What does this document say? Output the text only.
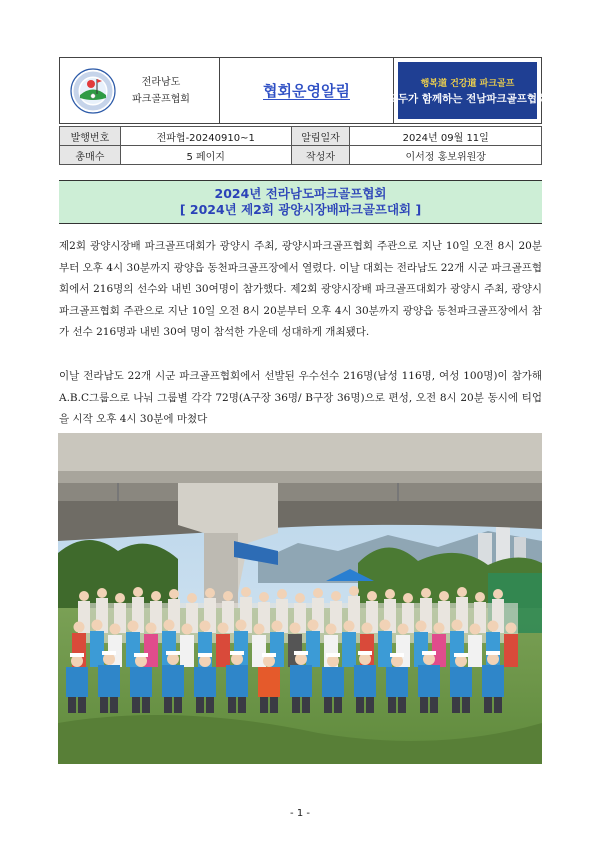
전라남도
파크골프협회	협회운영알림	행복道 건강道 파크골프
모두가 함께하는 전남파크골프협회
발행번호	전파협-20240910~1	알림일자	2024년 09월 11일
총매수	5 페이지	작성자	이서정 홍보위원장
2024년 전라남도파크골프협회
[ 2024년 제2회 광양시장배파크골프대회 ]

제2회 광양시장배 파크골프대회가 광양시 주최, 광양시파크골프협회 주관으로 지난 10일 오전 8시 20분부터 오후 4시 30분까지 광양읍 동천파크골프장에서 열렸다. 이날 대회는 전라남도 22개 시군 파크골프협회에서 216명의 선수와 내빈 30여명이 참가했다. 제2회 광양시장배 파크골프대회가 광양시 주최, 광양시파크골프협회 주관으로 지난 10일 오전 8시 20분부터 오후 4시 30분까지 광양읍 동천파크골프장에서 참가 선수 216명과 내빈 30여 명이 참석한 가운데 성대하게 개최됐다.

이날 전라남도 22개 시군 파크골프협회에서 선발된 우수선수 216명(남성 116명, 여성 100명)이 참가해 A.B.C그룹으로 나눠 그룹별 각각 72명(A구장 36명/ B구장 36명)으로 편성, 오전 8시 20분 동시에 티업을 시작 오후 4시 30분에 마쳤다

- 1 -
